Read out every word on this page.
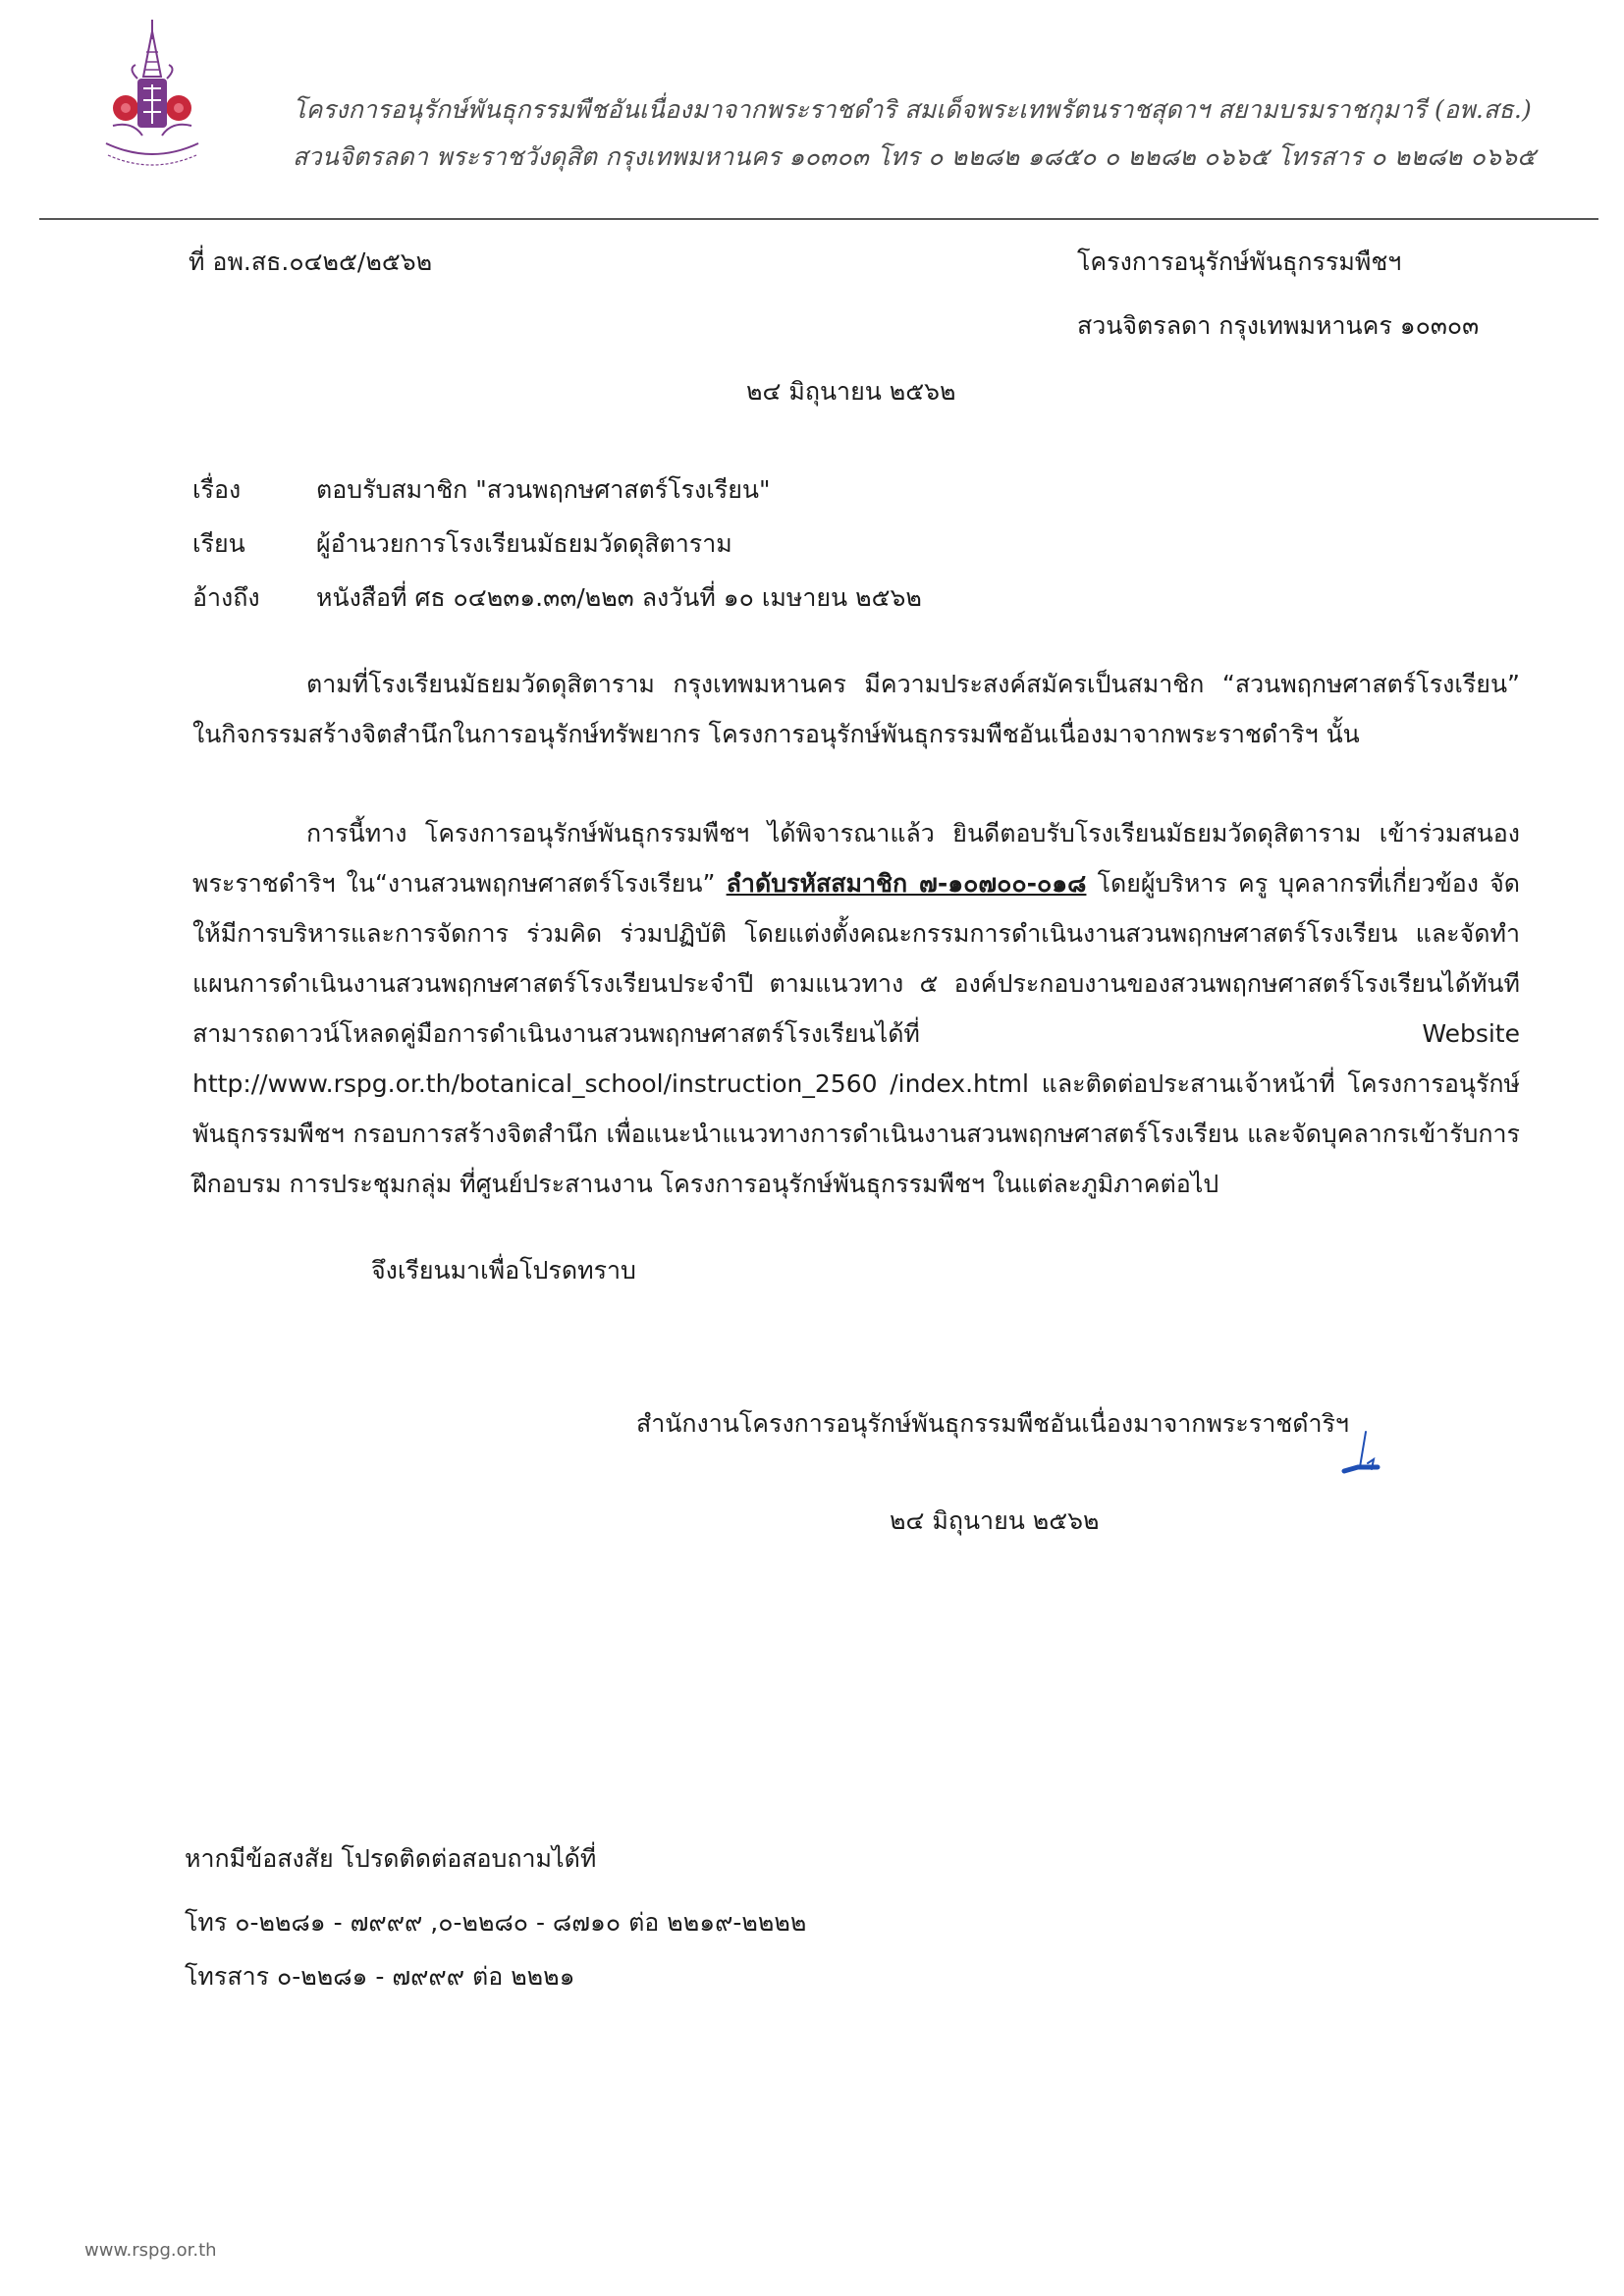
โครงการอนุรักษ์พันธุกรรมพืชอันเนื่องมาจากพระราชดำริ สมเด็จพระเทพรัตนราชสุดาฯ สยามบรมราชกุมารี (อพ.สธ.)
สวนจิตรลดา พระราชวังดุสิต กรุงเทพมหานคร ๑๐๓๐๓ โทร ๐ ๒๒๘๒ ๑๘๕๐ ๐ ๒๒๘๒ ๐๖๖๕ โทรสาร ๐ ๒๒๘๒ ๐๖๖๕
ที่ อพ.สธ.๐๔๒๕/๒๕๖๒	โครงการอนุรักษ์พันธุกรรมพืชฯ
สวนจิตรลดา กรุงเทพมหานคร ๑๐๓๐๓
๒๔ มิถุนายน ๒๕๖๒
เรื่อง	ตอบรับสมาชิก "สวนพฤกษศาสตร์โรงเรียน"
เรียน	ผู้อำนวยการโรงเรียนมัธยมวัดดุสิตาราม
อ้างถึง หนังสือที่ ศธ ๐๔๒๓๑.๓๓/๒๒๓ ลงวันที่ ๑๐ เมษายน ๒๕๖๒
ตามที่โรงเรียนมัธยมวัดดุสิตาราม กรุงเทพมหานคร มีความประสงค์สมัครเป็นสมาชิก “สวนพฤกษศาสตร์โรงเรียน” ในกิจกรรมสร้างจิตสำนึกในการอนุรักษ์ทรัพยากร โครงการอนุรักษ์พันธุกรรมพืชอันเนื่องมาจากพระราชดำริฯ นั้น
การนี้ทาง โครงการอนุรักษ์พันธุกรรมพืชฯ ได้พิจารณาแล้ว ยินดีตอบรับโรงเรียนมัธยมวัดดุสิตาราม เข้าร่วมสนองพระราชดำริฯ ใน“งานสวนพฤกษศาสตร์โรงเรียน” ลำดับรหัสสมาชิก ๗-๑๐๗๐๐-๐๑๘ โดยผู้บริหาร ครู บุคลากรที่เกี่ยวข้อง จัดให้มีการบริหารและการจัดการ ร่วมคิด ร่วมปฏิบัติ โดยแต่งตั้งคณะกรรมการดำเนินงานสวนพฤกษศาสตร์โรงเรียน และจัดทำแผนการดำเนินงานสวนพฤกษศาสตร์โรงเรียนประจำปี ตามแนวทาง ๕ องค์ประกอบงานของสวนพฤกษศาสตร์โรงเรียนได้ทันที สามารถดาวน์โหลดคู่มือการดำเนินงานสวนพฤกษศาสตร์โรงเรียนได้ที่ Website http://www.rspg.or.th/botanical_school/instruction_2560 /index.html และติดต่อประสานเจ้าหน้าที่ โครงการอนุรักษ์พันธุกรรมพืชฯ กรอบการสร้างจิตสำนึก เพื่อแนะนำแนวทางการดำเนินงานสวนพฤกษศาสตร์โรงเรียน และจัดบุคลากรเข้ารับการฝึกอบรม การประชุมกลุ่ม ที่ศูนย์ประสานงาน โครงการอนุรักษ์พันธุกรรมพืชฯ ในแต่ละภูมิภาคต่อไป
จึงเรียนมาเพื่อโปรดทราบ
สำนักงานโครงการอนุรักษ์พันธุกรรมพืชอันเนื่องมาจากพระราชดำริฯ
๒๔ มิถุนายน ๒๕๖๒
หากมีข้อสงสัย โปรดติดต่อสอบถามได้ที่
โทร ๐-๒๒๘๑ - ๗๙๙๙ ,๐-๒๒๘๐ - ๘๗๑๐ ต่อ ๒๒๑๙-๒๒๒๒
โทรสาร ๐-๒๒๘๑ - ๗๙๙๙ ต่อ ๒๒๒๑
www.rspg.or.th
